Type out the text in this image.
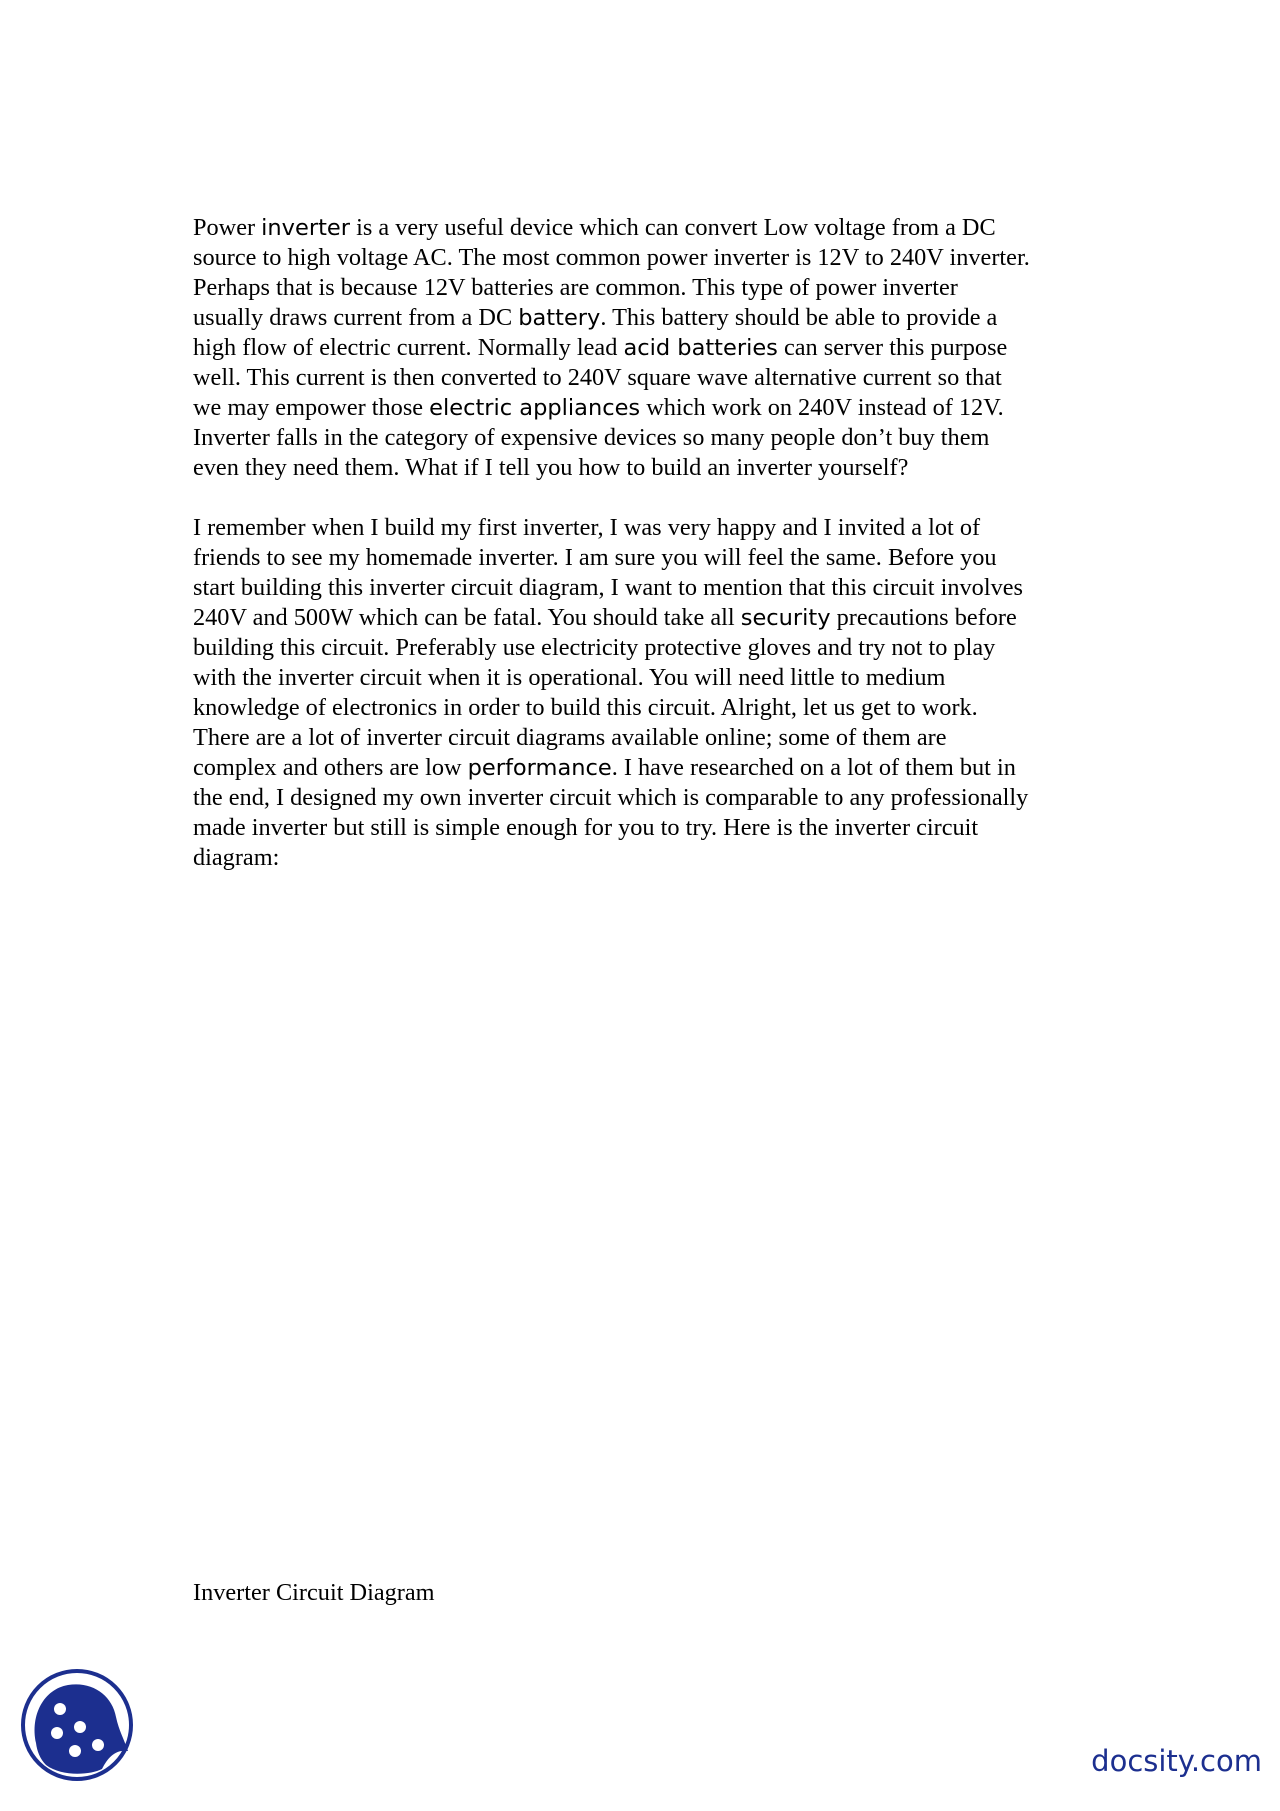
Power inverter is a very useful device which can convert Low voltage from a DC
source to high voltage AC. The most common power inverter is 12V to 240V inverter.
Perhaps that is because 12V batteries are common. This type of power inverter
usually draws current from a DC battery. This battery should be able to provide a
high flow of electric current. Normally lead acid batteries can server this purpose
well. This current is then converted to 240V square wave alternative current so that
we may empower those electric appliances which work on 240V instead of 12V.
Inverter falls in the category of expensive devices so many people don’t buy them
even they need them. What if I tell you how to build an inverter yourself?
I remember when I build my first inverter, I was very happy and I invited a lot of
friends to see my homemade inverter. I am sure you will feel the same. Before you
start building this inverter circuit diagram, I want to mention that this circuit involves
240V and 500W which can be fatal. You should take all security precautions before
building this circuit. Preferably use electricity protective gloves and try not to play
with the inverter circuit when it is operational. You will need little to medium
knowledge of electronics in order to build this circuit. Alright, let us get to work.
There are a lot of inverter circuit diagrams available online; some of them are
complex and others are low performance. I have researched on a lot of them but in
the end, I designed my own inverter circuit which is comparable to any professionally
made inverter but still is simple enough for you to try. Here is the inverter circuit
diagram:
Inverter Circuit Diagram
docsity.com
